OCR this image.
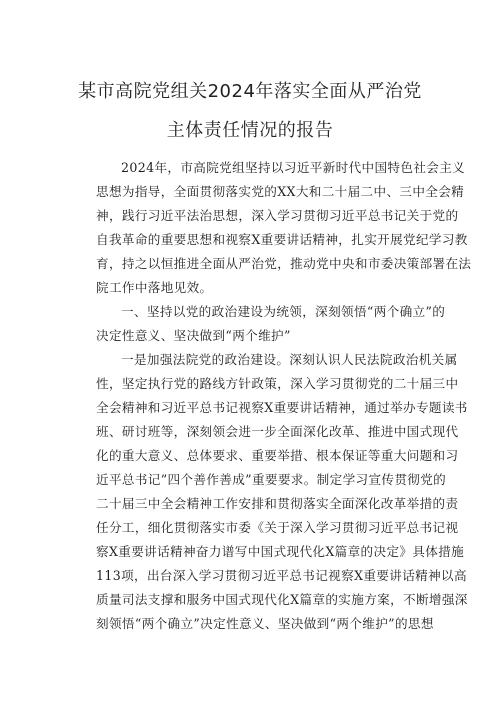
某市高院党组关2024年落实全面从严治党
主体责任情况的报告
2024年，市高院党组坚持以习近平新时代中国特色社会主义
思想为指导，全面贯彻落实党的XX大和二十届二中、三中全会精
神，践行习近平法治思想，深入学习贯彻习近平总书记关于党的
自我革命的重要思想和视察X重要讲话精神，扎实开展党纪学习教
育，持之以恒推进全面从严治党，推动党中央和市委决策部署在法
院工作中落地见效。
一、坚持以党的政治建设为统领，深刻领悟“两个确立”的
决定性意义、坚决做到“两个维护”
一是加强法院党的政治建设。深刻认识人民法院政治机关属
性，坚定执行党的路线方针政策，深入学习贯彻党的二十届三中
全会精神和习近平总书记视察X重要讲话精神，通过举办专题读书
班、研讨班等，深刻领会进一步全面深化改革、推进中国式现代
化的重大意义、总体要求、重要举措、根本保证等重大问题和习
近平总书记”四个善作善成”重要要求。制定学习宣传贯彻党的
二十届三中全会精神工作安排和贯彻落实全面深化改革举措的责
任分工，细化贯彻落实市委《关于深入学习贯彻习近平总书记视
察X重要讲话精神奋力谱写中国式现代化X篇章的决定》具体措施
113项，出台深入学习贯彻习近平总书记视察X重要讲话精神以高
质量司法支撑和服务中国式现代化X篇章的实施方案，不断增强深
刻领悟“两个确立”决定性意义、坚决做到“两个维护”的思想
